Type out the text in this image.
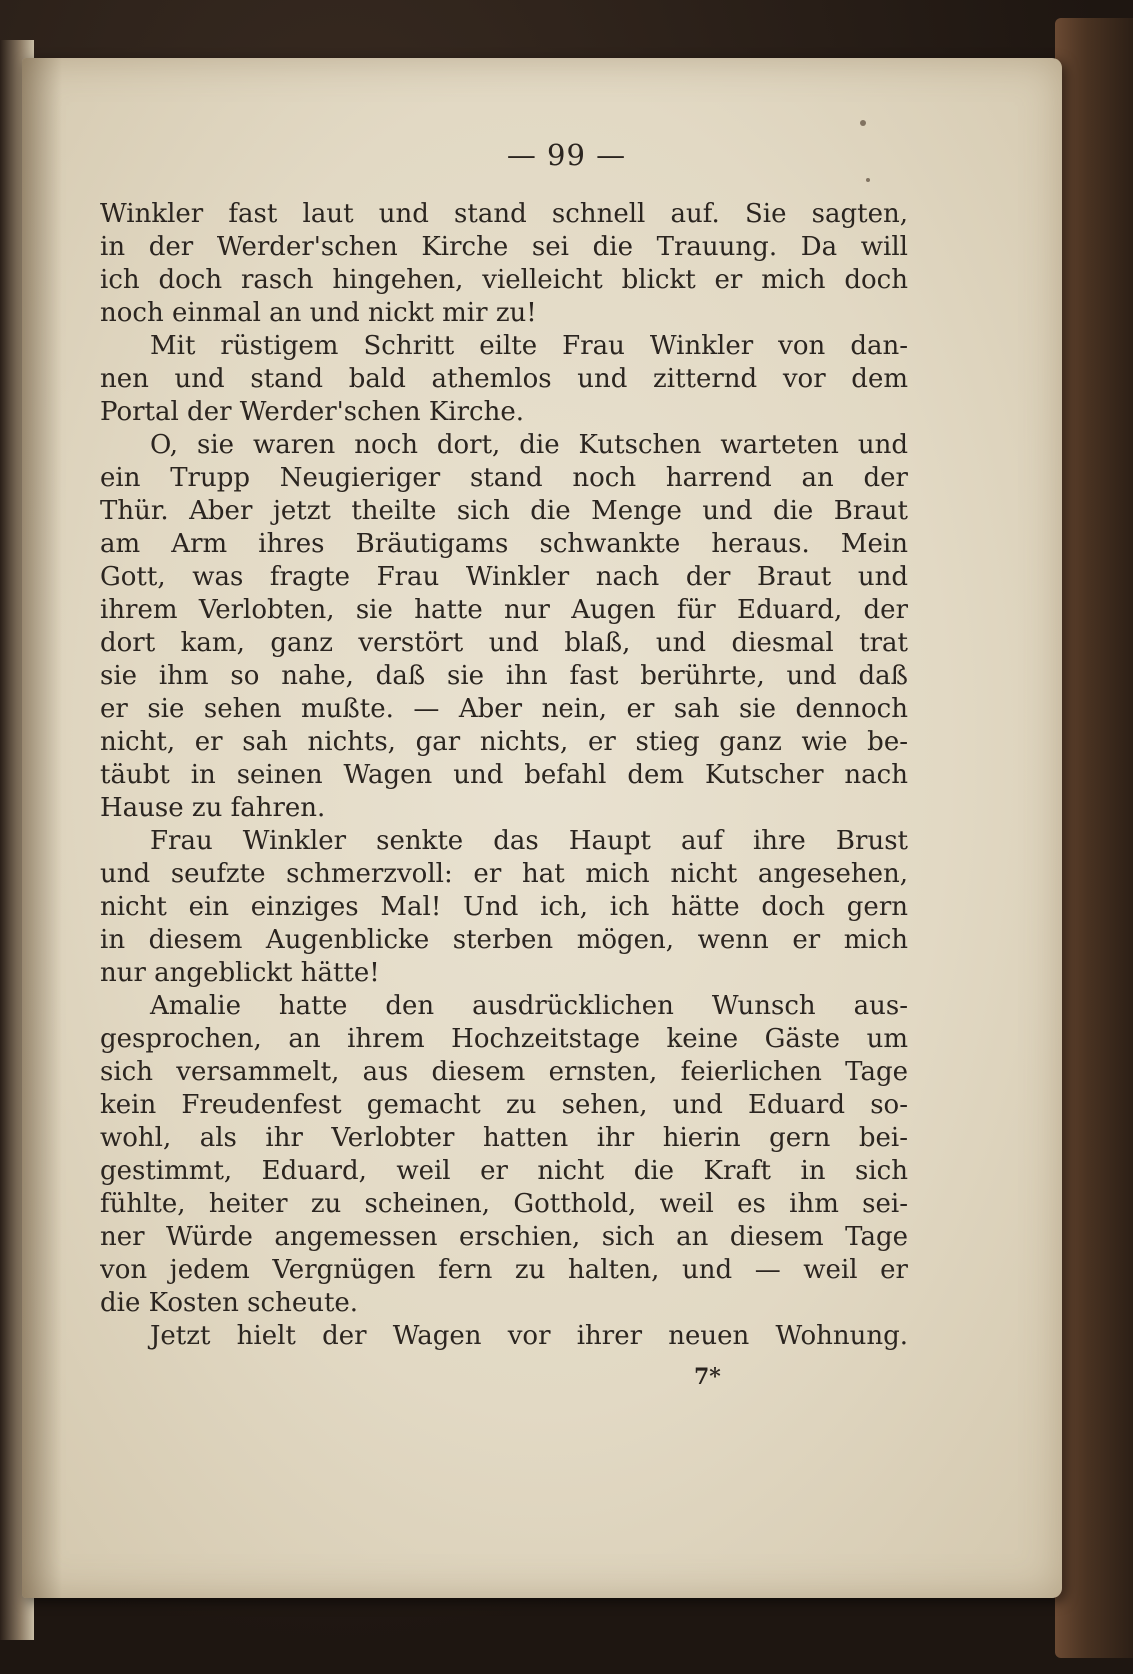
— 99 —
Winkler fast laut und stand schnell auf. Sie sagten,
in der Werder'schen Kirche sei die Trauung. Da will
ich doch rasch hingehen, vielleicht blickt er mich doch
noch einmal an und nickt mir zu!
Mit rüstigem Schritt eilte Frau Winkler von dan-
nen und stand bald athemlos und zitternd vor dem
Portal der Werder'schen Kirche.
O, sie waren noch dort, die Kutschen warteten und
ein Trupp Neugieriger stand noch harrend an der
Thür. Aber jetzt theilte sich die Menge und die Braut
am Arm ihres Bräutigams schwankte heraus. Mein
Gott, was fragte Frau Winkler nach der Braut und
ihrem Verlobten, sie hatte nur Augen für Eduard, der
dort kam, ganz verstört und blaß, und diesmal trat
sie ihm so nahe, daß sie ihn fast berührte, und daß
er sie sehen mußte. — Aber nein, er sah sie dennoch
nicht, er sah nichts, gar nichts, er stieg ganz wie be-
täubt in seinen Wagen und befahl dem Kutscher nach
Hause zu fahren.
Frau Winkler senkte das Haupt auf ihre Brust
und seufzte schmerzvoll: er hat mich nicht angesehen,
nicht ein einziges Mal! Und ich, ich hätte doch gern
in diesem Augenblicke sterben mögen, wenn er mich
nur angeblickt hätte!
Amalie hatte den ausdrücklichen Wunsch aus-
gesprochen, an ihrem Hochzeitstage keine Gäste um
sich versammelt, aus diesem ernsten, feierlichen Tage
kein Freudenfest gemacht zu sehen, und Eduard so-
wohl, als ihr Verlobter hatten ihr hierin gern bei-
gestimmt, Eduard, weil er nicht die Kraft in sich
fühlte, heiter zu scheinen, Gotthold, weil es ihm sei-
ner Würde angemessen erschien, sich an diesem Tage
von jedem Vergnügen fern zu halten, und — weil er
die Kosten scheute.
Jetzt hielt der Wagen vor ihrer neuen Wohnung.
7*
